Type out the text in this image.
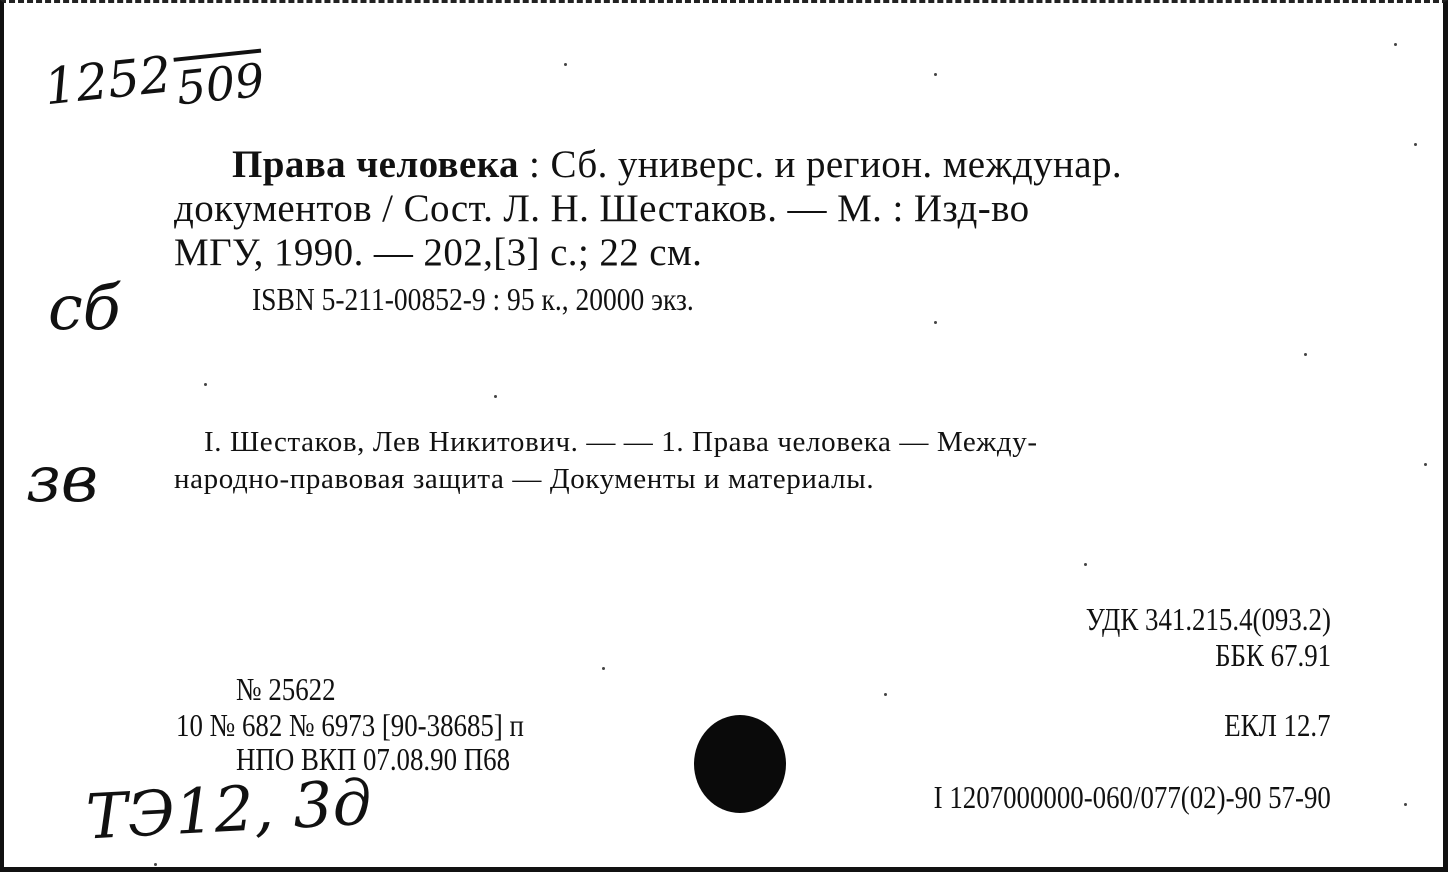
1252509
сб
зв
ТЭ12, 3д
Права человека : Сб. универс. и регион. междунар.
документов / Сост. Л. Н. Шестаков. — М. : Изд-во
МГУ, 1990. — 202,[3] с.; 22 см.
ISBN 5-211-00852-9 : 95 к., 20000 экз.
I. Шестаков, Лев Никитович. — — 1. Права человека — Между-
народно-правовая защита — Документы и материалы.
УДК 341.215.4(093.2)
ББК 67.91
ЕКЛ 12.7
I 1207000000-060/077(02)-90 57-90
№ 25622
10 № 682 № 6973 [90-38685] п
НПО ВКП 07.08.90 П68
